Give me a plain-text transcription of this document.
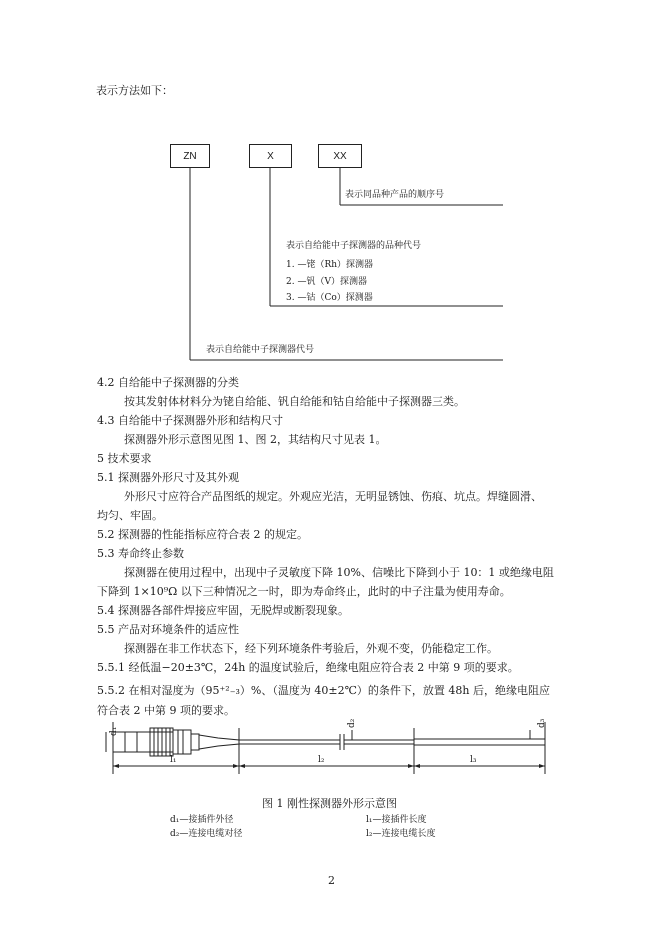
表示方法如下：
ZN	X	XX
表示同品种产品的顺序号
表示自给能中子探测器的品种代号
1. —铑（Rh）探测器
2. —钒（V）探测器
3. —钴（Co）探测器
表示自给能中子探测器代号
4.2 自给能中子探测器的分类
按其发射体材料分为铑自给能、钒自给能和钴自给能中子探测器三类。
4.3 自给能中子探测器外形和结构尺寸
探测器外形示意图见图 1、图 2，其结构尺寸见表 1。
5 技术要求
5.1 探测器外形尺寸及其外观
外形尺寸应符合产品图纸的规定。外观应光洁，无明显锈蚀、伤痕、坑点。焊缝圆滑、
均匀、牢固。
5.2 探测器的性能指标应符合表 2 的规定。
5.3 寿命终止参数
探测器在使用过程中，出现中子灵敏度下降 10%、信噪比下降到小于 10：1 或绝缘电阻
下降到 1×10⁹Ω 以下三种情况之一时，即为寿命终止，此时的中子注量为使用寿命。
5.4 探测器各部件焊接应牢固，无脱焊或断裂现象。
5.5 产品对环境条件的适应性
探测器在非工作状态下，经下列环境条件考验后，外观不变，仍能稳定工作。
5.5.1 经低温−20±3℃，24h 的温度试验后，绝缘电阻应符合表 2 中第 9 项的要求。
5.5.2 在相对湿度为（95⁺²₋₃）%、（温度为 40±2℃）的条件下，放置 48h 后，绝缘电阻应
符合表 2 中第 9 项的要求。
d₁
d₂	d₃
l₁	l₂	l₃
图 1 刚性探测器外形示意图
d₁—接插件外径	l₁—接插件长度
d₂—连接电缆对径	l₂—连接电缆长度
2
